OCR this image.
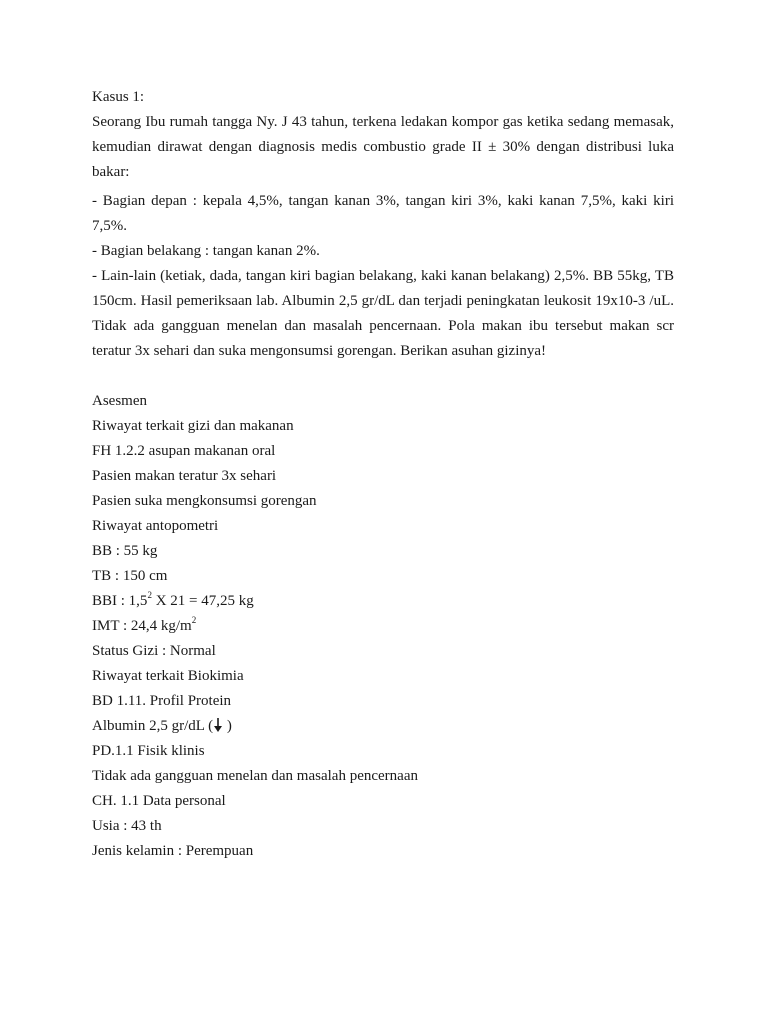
Kasus 1:
Seorang Ibu rumah tangga Ny. J 43 tahun, terkena ledakan kompor gas ketika sedang memasak, kemudian dirawat dengan diagnosis medis combustio grade II ± 30% dengan distribusi luka bakar:
- Bagian depan : kepala 4,5%, tangan kanan 3%, tangan kiri 3%, kaki kanan 7,5%, kaki kiri 7,5%.
- Bagian belakang : tangan kanan 2%.
- Lain-lain (ketiak, dada, tangan kiri bagian belakang, kaki kanan belakang) 2,5%. BB 55kg, TB 150cm. Hasil pemeriksaan lab. Albumin 2,5 gr/dL dan terjadi peningkatan leukosit 19x10-3 /uL. Tidak ada gangguan menelan dan masalah pencernaan. Pola makan ibu tersebut makan scr teratur 3x sehari dan suka mengonsumsi gorengan. Berikan asuhan gizinya!
Asesmen
Riwayat terkait gizi dan makanan
FH 1.2.2 asupan makanan oral
Pasien makan teratur 3x sehari
Pasien suka mengkonsumsi gorengan
Riwayat antopometri
BB : 55 kg
TB : 150 cm
BBI : $1,5^2$ X 21 = 47,25 kg
IMT : 24,4 $kg/m^2$
Status Gizi : Normal
Riwayat terkait Biokimia
BD 1.11. Profil Protein
Albumin 2,5 gr/dL ( )
PD.1.1 Fisik klinis
Tidak ada gangguan menelan dan masalah pencernaan
CH. 1.1 Data personal
Usia : 43 th
Jenis kelamin : Perempuan
